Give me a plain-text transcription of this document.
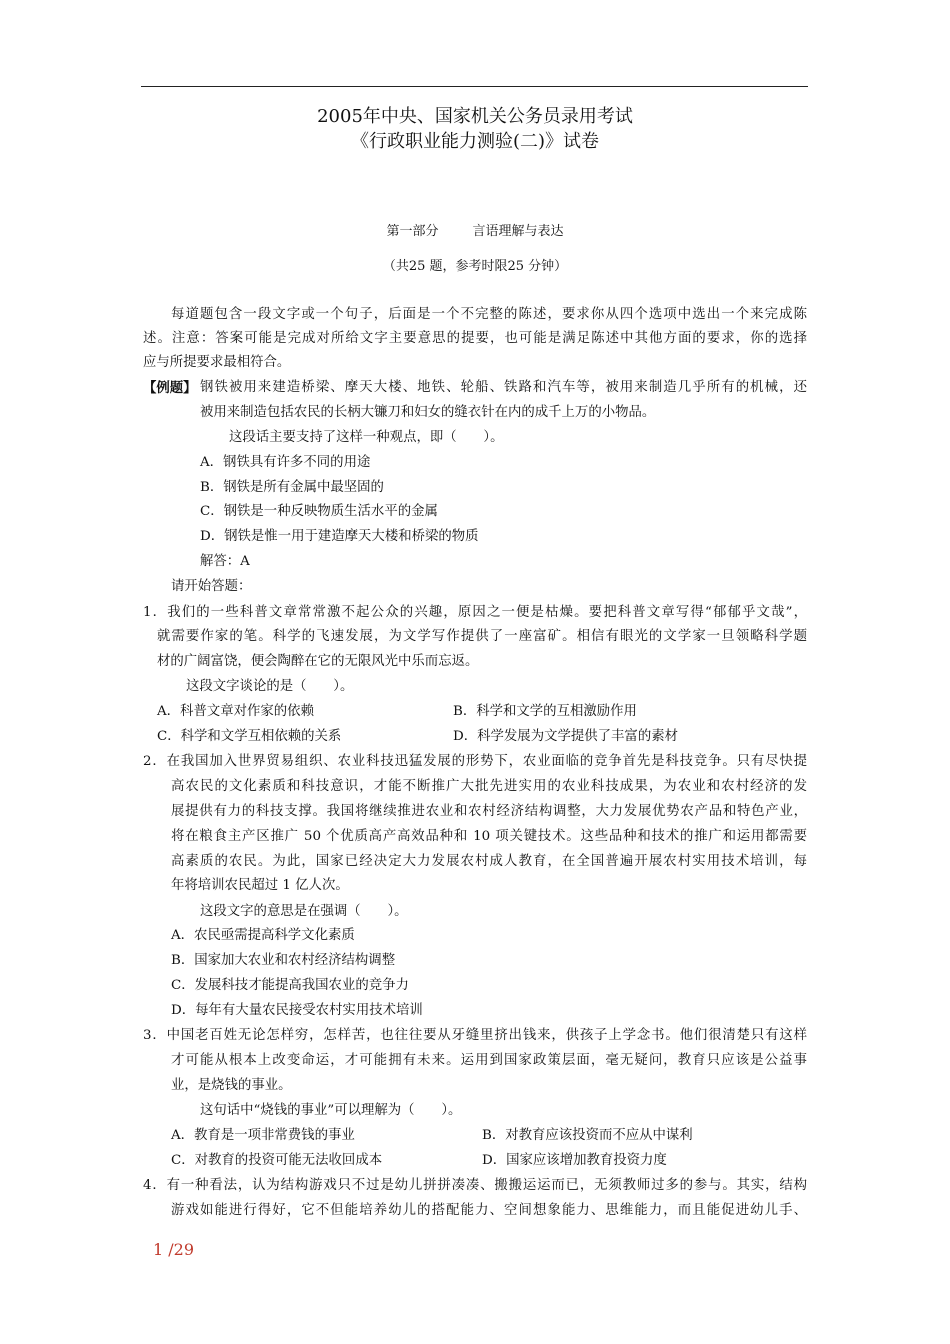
2005年中央、国家机关公务员录用考试
《行政职业能力测验(二)》试卷
第一部分	言语理解与表达
（共25 题，参考时限25 分钟）
每道题包含一段文字或一个句子，后面是一个不完整的陈述，要求你从四个选项中选出一个来完成陈
述。注意：答案可能是完成对所给文字主要意思的提要，也可能是满足陈述中其他方面的要求，你的选择
应与所提要求最相符合。
【例题】 钢铁被用来建造桥梁、摩天大楼、地铁、轮船、铁路和汽车等，被用来制造几乎所有的机械，还
被用来制造包括农民的长柄大镰刀和妇女的缝衣针在内的成千上万的小物品。
这段话主要支持了这样一种观点，即（　　）。
A．钢铁具有许多不同的用途
B．钢铁是所有金属中最坚固的
C．钢铁是一种反映物质生活水平的金属
D．钢铁是惟一用于建造摩天大楼和桥梁的物质
解答：A
请开始答题：
1．我们的一些科普文章常常激不起公众的兴趣，原因之一便是枯燥。要把科普文章写得“郁郁乎文哉”，
就需要作家的笔。科学的飞速发展，为文学写作提供了一座富矿。相信有眼光的文学家一旦领略科学题
材的广阔富饶，便会陶醉在它的无限风光中乐而忘返。
这段文字谈论的是（　　）。
A．科普文章对作家的依赖	B．科学和文学的互相激励作用
C．科学和文学互相依赖的关系	D．科学发展为文学提供了丰富的素材
2．在我国加入世界贸易组织、农业科技迅猛发展的形势下，农业面临的竞争首先是科技竞争。只有尽快提
高农民的文化素质和科技意识，才能不断推广大批先进实用的农业科技成果，为农业和农村经济的发
展提供有力的科技支撑。我国将继续推进农业和农村经济结构调整，大力发展优势农产品和特色产业，
将在粮食主产区推广 50 个优质高产高效品种和 10 项关键技术。这些品种和技术的推广和运用都需要
高素质的农民。为此，国家已经决定大力发展农村成人教育，在全国普遍开展农村实用技术培训，每
年将培训农民超过 1 亿人次。
这段文字的意思是在强调（　　）。
A．农民亟需提高科学文化素质
B．国家加大农业和农村经济结构调整
C．发展科技才能提高我国农业的竞争力
D．每年有大量农民接受农村实用技术培训
3．中国老百姓无论怎样穷，怎样苦，也往往要从牙缝里挤出钱来，供孩子上学念书。他们很清楚只有这样
才可能从根本上改变命运，才可能拥有未来。运用到国家政策层面，毫无疑问，教育只应该是公益事
业，是烧钱的事业。
这句话中“烧钱的事业”可以理解为（　　）。
A．教育是一项非常费钱的事业	B．对教育应该投资而不应从中谋利
C．对教育的投资可能无法收回成本	D．国家应该增加教育投资力度
4．有一种看法，认为结构游戏只不过是幼儿拼拼凑凑、搬搬运运而已，无须教师过多的参与。其实，结构
游戏如能进行得好，它不但能培养幼儿的搭配能力、空间想象能力、思维能力，而且能促进幼儿手、
1 /29
